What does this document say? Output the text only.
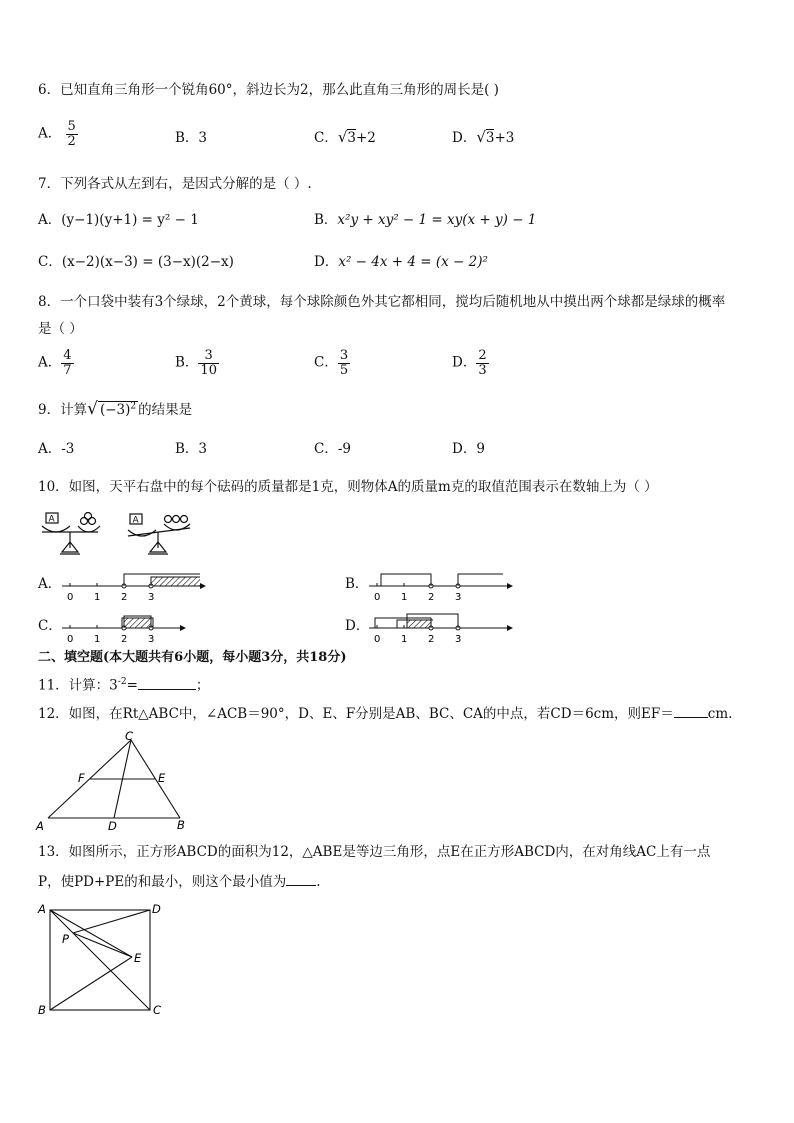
6．已知直角三角形一个锐角60°，斜边长为2，那么此直角三角形的周长是( )
A． $\frac{5}{2}$	B．3	C．√3+2	D．√3+3
7．下列各式从左到右，是因式分解的是（ ）.
A．(y−1)(y+1) = y² − 1	B．x²y + xy² − 1 = xy(x + y) − 1
C．(x−2)(x−3) = (3−x)(2−x)	D．x² − 4x + 4 = (x − 2)²
8．一个口袋中装有3个绿球，2个黄球，每个球除颜色外其它都相同，搅均后随机地从中摸出两个球都是绿球的概率
是（ ）
A． $\frac{4}{7}$	B． $\frac{3}{10}$	C． $\frac{3}{5}$	D． $\frac{2}{3}$
9．计算√ $(-3)^2$ 的结果是
A．-3	B．3	C．-9	D．9
10．如图，天平右盘中的每个砝码的质量都是1克，则物体A的质量m克的取值范围表示在数轴上为（ ）
A	A
A．
0 1 2 3
B．
0 1 2 3
C．
0 1 2 3
D．
0 1 2 3
二、填空题(本大题共有6小题，每小题3分，共18分)
11．计算：$3^{-2}=$	；
12．如图，在Rt△ABC中，∠ACB＝90°，D、E、F分别是AB、BC、CA的中点，若CD＝6cm，则EF＝	cm.
A	B
C
D
E
F
13．如图所示，正方形ABCD的面积为12，△ABE是等边三角形，点E在正方形ABCD内，在对角线AC上有一点
P，使PD+PE的和最小，则这个最小值为 .
A	D
B	C
E
P
